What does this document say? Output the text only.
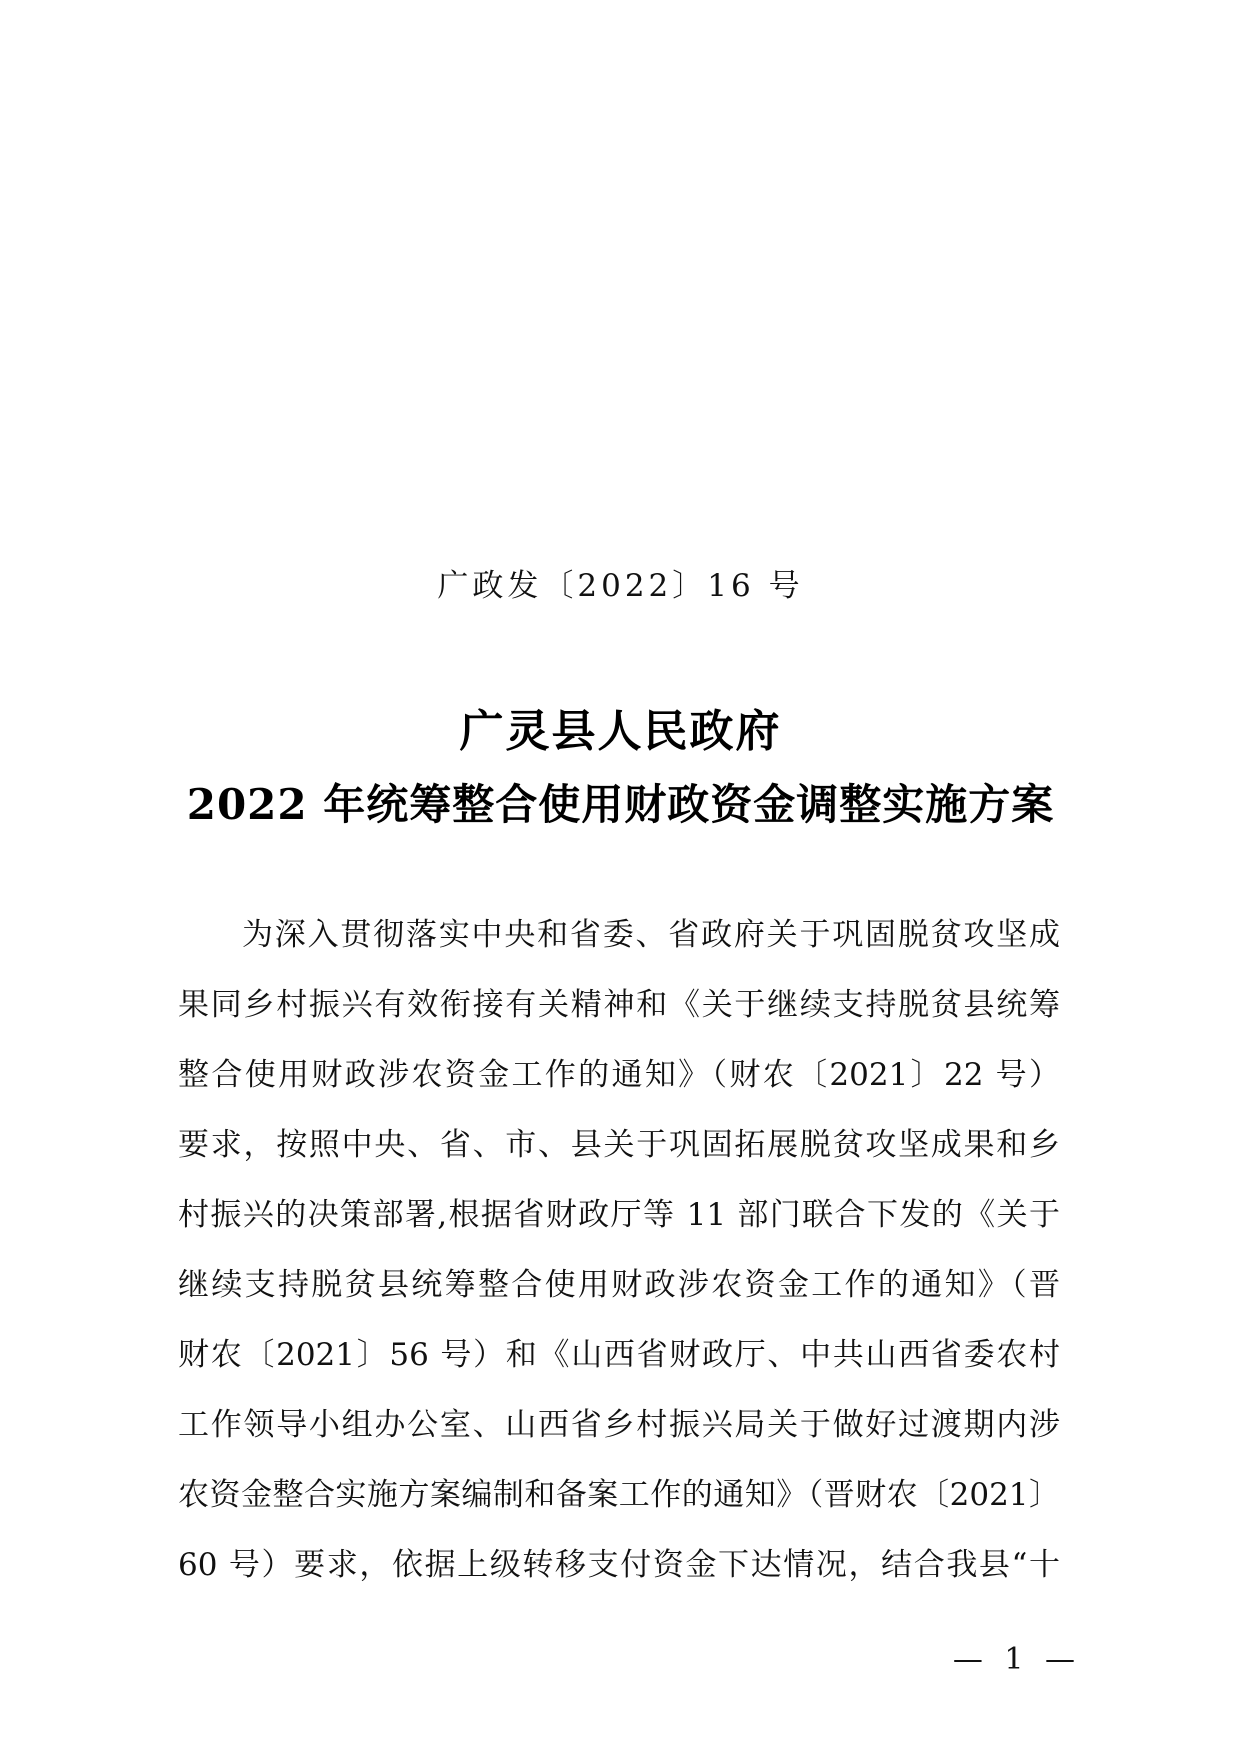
广政发〔2022〕16 号
广灵县人民政府
2022 年统筹整合使用财政资金调整实施方案
为深入贯彻落实中央和省委、省政府关于巩固脱贫攻坚成
果同乡村振兴有效衔接有关精神和《关于继续支持脱贫县统筹
整合使用财政涉农资金工作的通知》（财农〔2021〕22 号）
要求，按照中央、省、市、县关于巩固拓展脱贫攻坚成果和乡
村振兴的决策部署,根据省财政厅等 11 部门联合下发的《关于
继续支持脱贫县统筹整合使用财政涉农资金工作的通知》（晋
财农〔2021〕56 号）和《山西省财政厅、中共山西省委农村
工作领导小组办公室、山西省乡村振兴局关于做好过渡期内涉
农资金整合实施方案编制和备案工作的通知》（晋财农〔2021〕
60 号）要求，依据上级转移支付资金下达情况，结合我县“十
— 1 —
